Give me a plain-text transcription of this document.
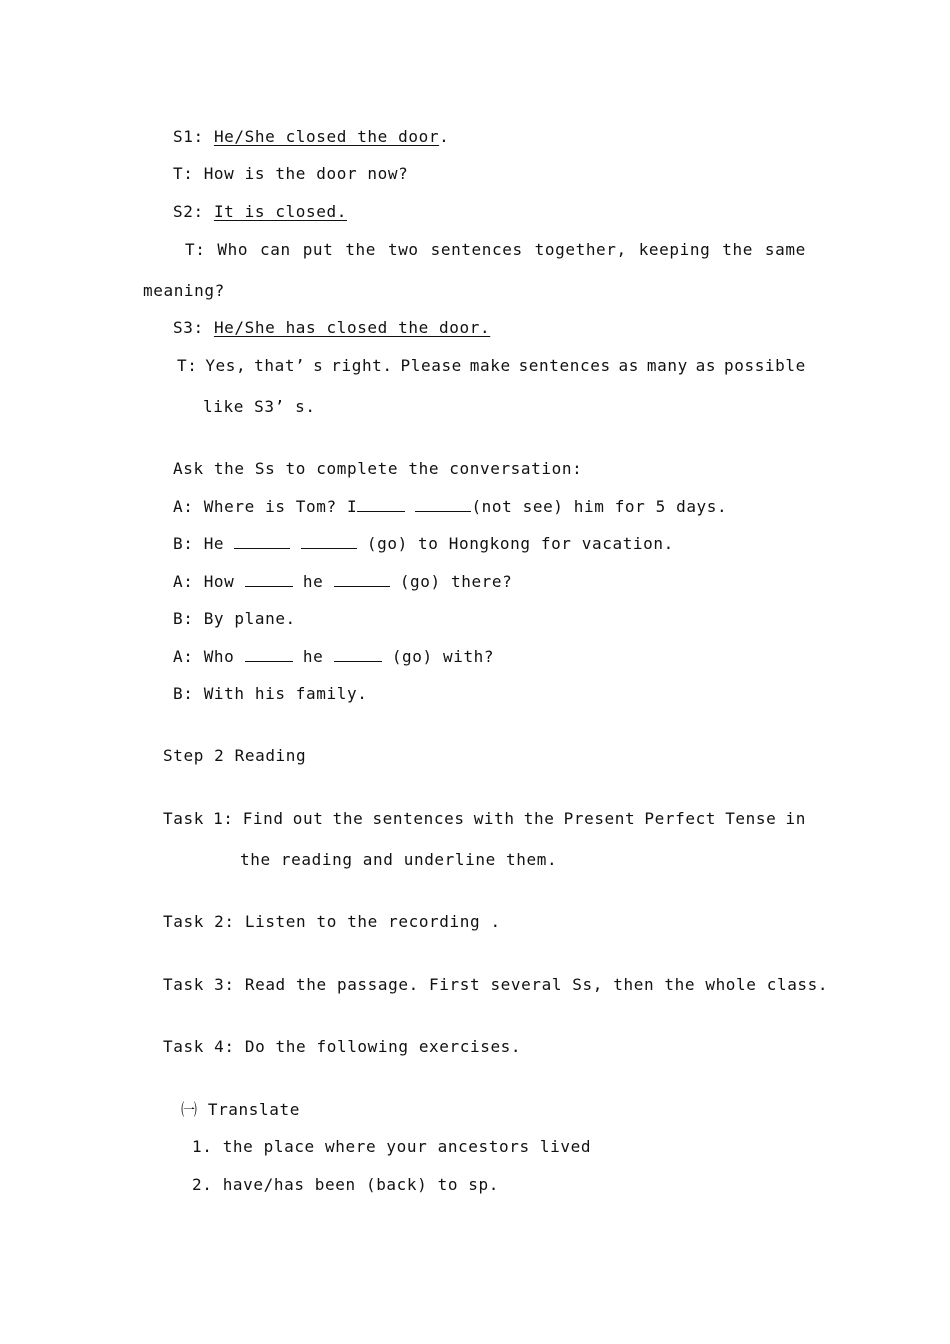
S1: He/She closed the door.
T: How is the door now?
S2: It is closed.
T: Who can put the two sentences together, keeping the same
meaning?
S3: He/She has closed the door.
T: Yes, that’ s right. Please make sentences as many as possible
like S3’ s.
Ask the Ss to complete the conversation:
A: Where is Tom? I	(not see) him for 5 days.
B: He	(go) to Hongkong for vacation.
A: How	he	(go) there?
B: By plane.
A: Who	he	(go) with?
B: With his family.
Step 2 Reading
Task 1: Find out the sentences with the Present Perfect Tense in
the reading and underline them.
Task 2: Listen to the recording .
Task 3: Read the passage. First several Ss, then the whole class.
Task 4: Do the following exercises.
㈠ Translate
1. the place where your ancestors lived
2. have/has been (back) to sp.
